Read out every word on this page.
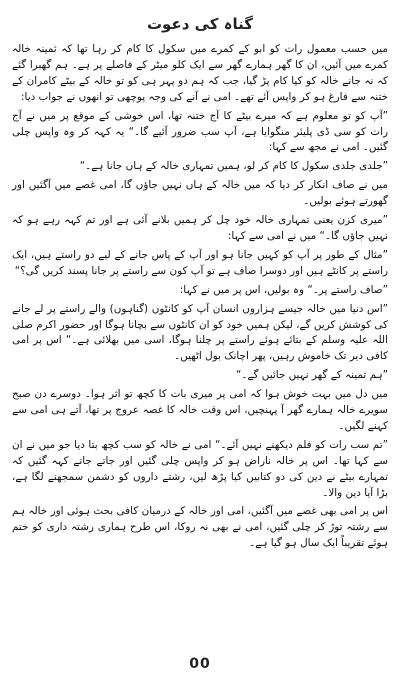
گناہ کی دعوت

میں حسب معمول رات کو ابو کے کمرے میں سکول کا کام کر رہا تھا کہ ثمینہ خالہ کمرے میں آئیں، ان کا گھر ہمارے گھر سے ایک کلو میٹر کے فاصلے پر ہے۔ ہم گھبرا گئے کہ نہ جانے خالہ کو کیا کام پڑ گیا، جب کہ ہم دو پہر ہی کو تو خالہ کے بیٹے کامران کے ختنہ سے فارغ ہو کر واپس آئے تھے۔ امی نے آنے کی وجہ پوچھی تو انھوں نے جواب دیا:

”آپ کو تو معلوم ہے کہ میرے بیٹے کا آج ختنہ تھا، اس خوشی کے موقع پر میں نے آج رات کو سی ڈی پلیئر منگوایا ہے، آپ سب ضرور آئیے گا۔“ یہ کہہ کر وہ واپس چلی گئیں۔ امی نے مجھ سے کہا:

”جلدی جلدی سکول کا کام کر لو، ہمیں تمہاری خالہ کے ہاں جانا ہے۔“

میں نے صاف انکار کر دیا کہ میں خالہ کے ہاں نہیں جاؤں گا، امی غصے میں آگئیں اور گھورتے ہوئے بولیں۔

”میری کزن یعنی تمہاری خالہ خود چل کر ہمیں بلانے آئی ہے اور تم کہہ رہے ہو کہ نہیں جاؤں گا۔“ میں نے امی سے کہا:

”مثال کے طور پر آپ کو کہیں جانا ہو اور آپ کے پاس جانے کے لیے دو راستے ہیں، ایک راستے پر کانٹے ہیں اور دوسرا صاف ہے تو آپ کون سے راستے پر جانا پسند کریں گی؟“

”صاف راستے پر۔“ وہ بولیں، اس پر میں نے کہا:

”اس دنیا میں خالہ جیسے ہزاروں انسان آپ کو کانٹوں (گناہوں) والے راستے پر لے جانے کی کوشش کریں گے، لیکن ہمیں خود کو ان کانٹوں سے بچانا ہوگا اور حضور اکرم صلی اللہ علیہ وسلم کے بتائے ہوئے راستے پر چلنا ہوگا، اسی میں بھلائی ہے۔“ اس پر امی کافی دیر تک خاموش رہیں، پھر اچانک بول اٹھیں۔

”ہم ثمینہ کے گھر نہیں جائیں گے۔“

میں دل میں بہت خوش ہوا کہ امی پر میری بات کا کچھ تو اثر ہوا۔ دوسرے دن صبح سویرے خالہ ہمارے گھر آ پہنچیں، اس وقت خالہ کا غصہ عروج پر تھا، آتے ہی امی سے کہنے لگیں۔

”تم سب رات کو فلم دیکھنے نہیں آئے۔“ امی نے خالہ کو سب کچھ بتا دیا جو میں نے ان سے کہا تھا۔ اس پر خالہ ناراض ہو کر واپس چلی گئیں اور جاتے جاتے کہہ گئیں کہ تمہارے بیٹے نے دین کی دو کتابیں کیا پڑھ لیں، رشتے داروں کو دشمن سمجھنے لگا ہے، بڑا آیا دین والا۔

اس پر امی بھی غصے میں آگئیں، امی اور خالہ کے درمیان کافی بحث ہوئی اور خالہ ہم سے رشتہ توڑ کر چلی گئیں، امی نے بھی نہ روکا، اس طرح ہماری رشتہ داری کو ختم ہوئے تقریباً ایک سال ہو گیا ہے۔

00
